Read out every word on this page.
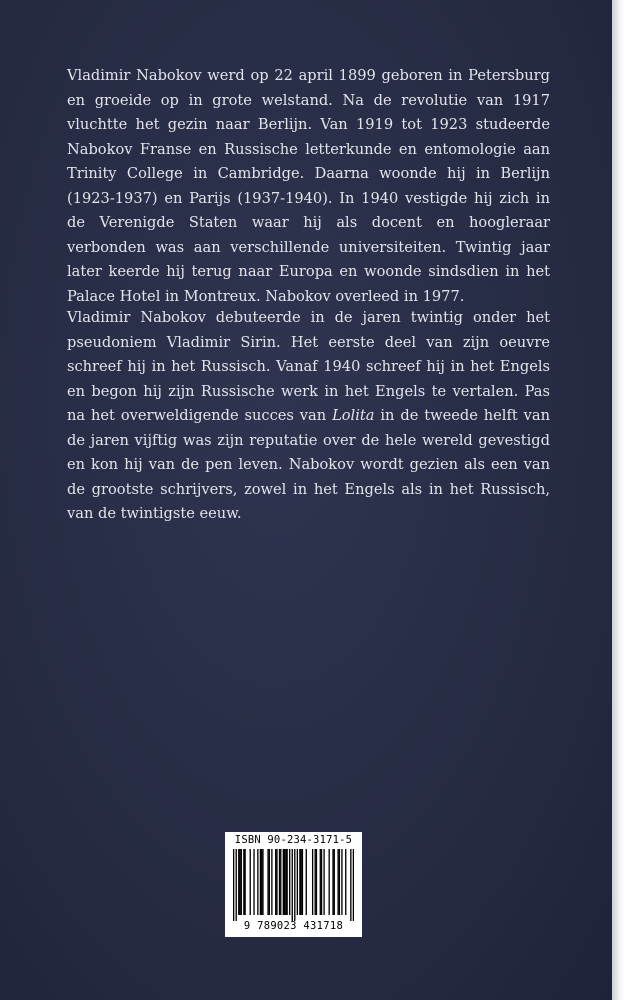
Vladimir Nabokov werd op 22 april 1899 geboren in Petersburg en groeide op in grote welstand. Na de revolutie van 1917 vluchtte het gezin naar Berlijn. Van 1919 tot 1923 studeerde Nabokov Franse en Russische letterkunde en entomologie aan Trinity College in Cambridge. Daarna woonde hij in Berlijn (1923-1937) en Parijs (1937-1940). In 1940 vestigde hij zich in de Verenigde Staten waar hij als docent en hoogleraar verbonden was aan verschillende universiteiten. Twintig jaar later keerde hij terug naar Europa en woonde sindsdien in het Palace Hotel in Montreux. Nabokov overleed in 1977.

Vladimir Nabokov debuteerde in de jaren twintig onder het pseudoniem Vladimir Sirin. Het eerste deel van zijn oeuvre schreef hij in het Russisch. Vanaf 1940 schreef hij in het Engels en begon hij zijn Russische werk in het Engels te vertalen. Pas na het overweldigende succes van Lolita in de tweede helft van de jaren vijftig was zijn reputatie over de hele wereld gevestigd en kon hij van de pen leven. Nabokov wordt gezien als een van de grootste schrijvers, zowel in het Engels als in het Russisch, van de twintigste eeuw.

ISBN 90-234-3171-5
9 789023 431718
